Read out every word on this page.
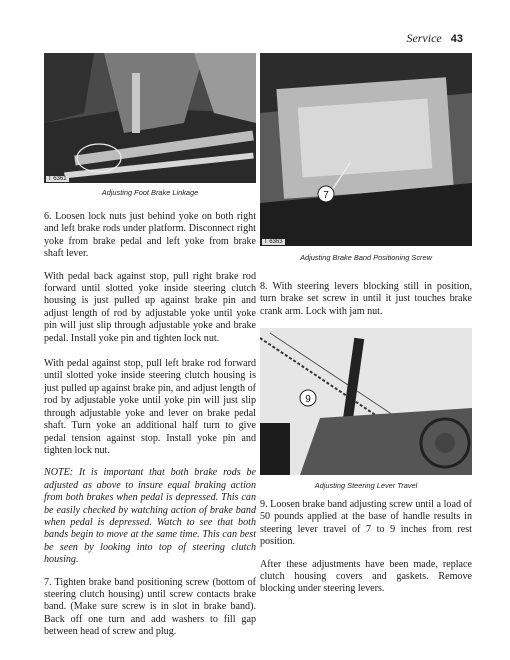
Service 43
T 6361
Adjusting Foot Brake Linkage	7
T 6363
Adjusting Brake Band Positioning Screw
9
Adjusting Steering Lever Travel

6. Loosen lock nuts just behind yoke on both right and left brake rods under platform. Disconnect right yoke from brake pedal and left yoke from brake shaft lever.

With pedal back against stop, pull right brake rod forward until slotted yoke inside steering clutch housing is just pulled up against brake pin and adjust length of rod by adjustable yoke until yoke pin will just slip through adjustable yoke and brake pedal. Install yoke pin and tighten lock nut.

With pedal against stop, pull left brake rod forward until slotted yoke inside steering clutch housing is just pulled up against brake pin, and adjust length of rod by adjustable yoke until yoke pin will just slip through adjustable yoke and lever on brake pedal shaft. Turn yoke an additional half turn to give pedal tension against stop. Install yoke pin and tighten lock nut.

NOTE: It is important that both brake rods be adjusted as above to insure equal braking action from both brakes when pedal is depressed. This can be easily checked by watching action of brake band when pedal is depressed. Watch to see that both bands begin to move at the same time. This can best be seen by looking into top of steering clutch housing.

7. Tighten brake band positioning screw (bottom of steering clutch housing) until screw contacts brake band. (Make sure screw is in slot in brake band). Back off one turn and add washers to fill gap between head of screw and plug.

8. With steering levers blocking still in position, turn brake set screw in until it just touches brake crank arm. Lock with jam nut.

9. Loosen brake band adjusting screw until a load of 50 pounds applied at the base of handle results in steering lever travel of 7 to 9 inches from rest position.

After these adjustments have been made, replace clutch housing covers and gaskets. Remove blocking under steering levers.
